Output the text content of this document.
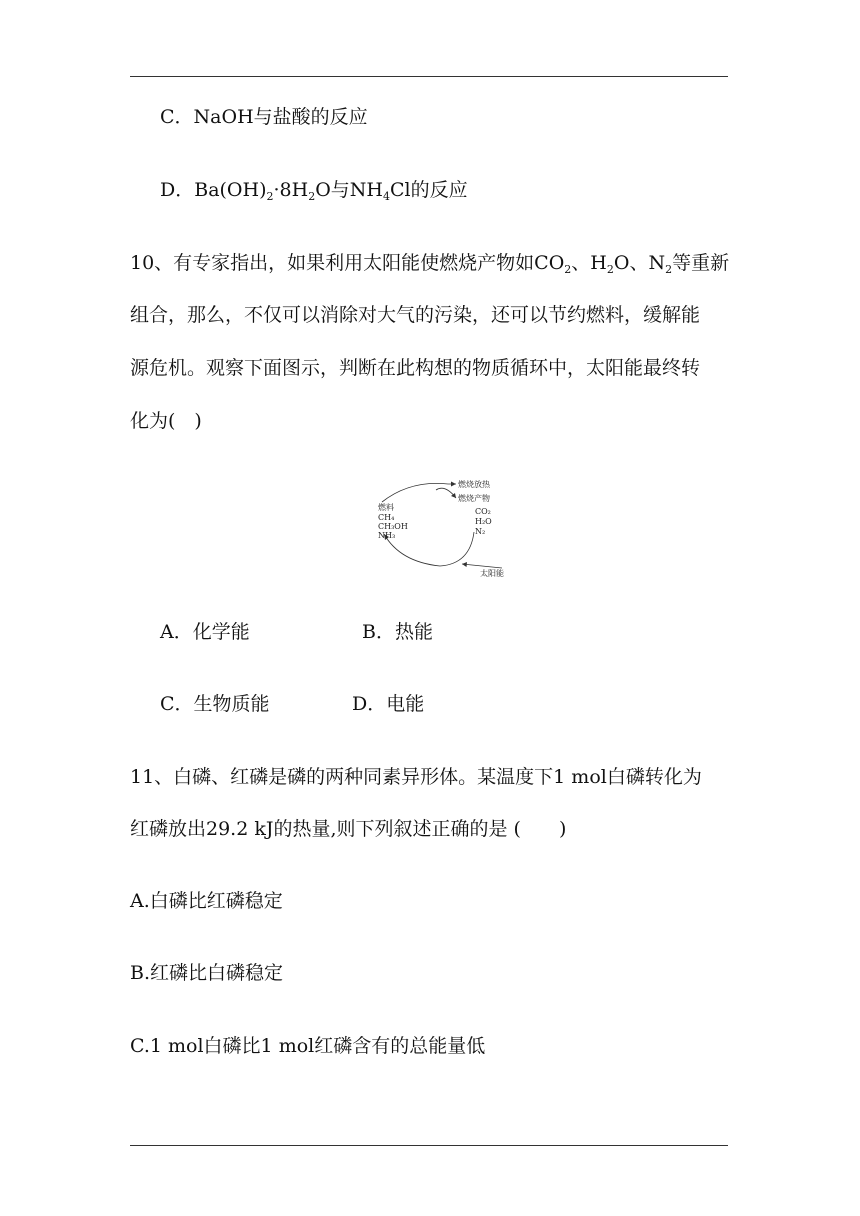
C．NaOH与盐酸的反应
D．$Ba(OH)_2\cdot 8H_2O$与$NH_4Cl$的反应
10、有专家指出，如果利用太阳能使燃烧产物如$CO_2$、$H_2O$、$N_2$等重新
组合，那么，不仅可以消除对大气的污染，还可以节约燃料，缓解能
源危机。观察下面图示，判断在此构想的物质循环中，太阳能最终转
化为(　)
燃烧放热
燃烧产物
燃料
CH₄
CH₃OH
NH₃
CO₂
H₂O
N₂
太阳能
A．化学能	B．热能
C．生物质能	D．电能
11、白磷、红磷是磷的两种同素异形体。某温度下1 mol白磷转化为
红磷放出29.2 kJ的热量,则下列叙述正确的是 (　　)
A.白磷比红磷稳定
B.红磷比白磷稳定
C.1 mol白磷比1 mol红磷含有的总能量低
